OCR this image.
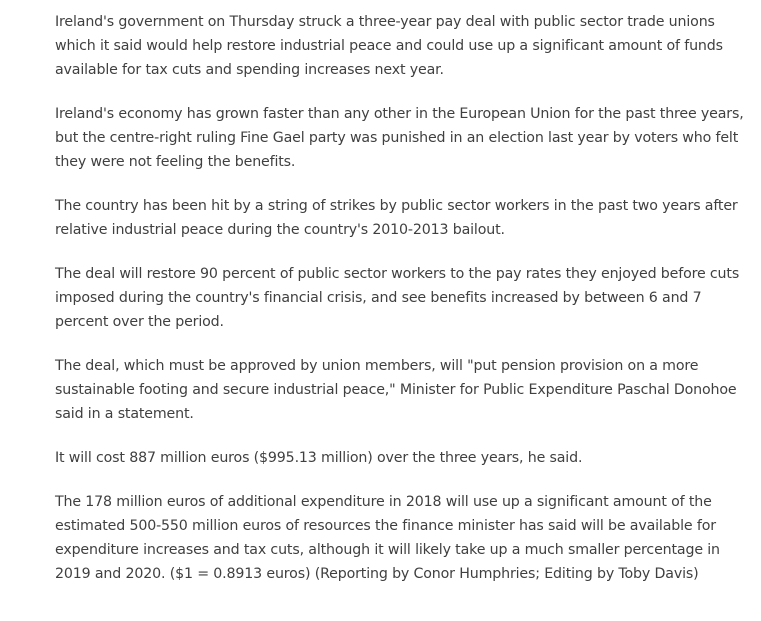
Ireland's government on Thursday struck a three-year pay deal with public sector trade unions which it said would help restore industrial peace and could use up a significant amount of funds available for tax cuts and spending increases next year.

Ireland's economy has grown faster than any other in the European Union for the past three years, but the centre-right ruling Fine Gael party was punished in an election last year by voters who felt they were not feeling the benefits.

The country has been hit by a string of strikes by public sector workers in the past two years after relative industrial peace during the country's 2010-2013 bailout.

The deal will restore 90 percent of public sector workers to the pay rates they enjoyed before cuts imposed during the country's financial crisis, and see benefits increased by between 6 and 7 percent over the period.

The deal, which must be approved by union members, will "put pension provision on a more sustainable footing and secure industrial peace," Minister for Public Expenditure Paschal Donohoe said in a statement.

It will cost 887 million euros ($995.13 million) over the three years, he said.

The 178 million euros of additional expenditure in 2018 will use up a significant amount of the estimated 500-550 million euros of resources the finance minister has said will be available for expenditure increases and tax cuts, although it will likely take up a much smaller percentage in 2019 and 2020. ($1 = 0.8913 euros) (Reporting by Conor Humphries; Editing by Toby Davis)
